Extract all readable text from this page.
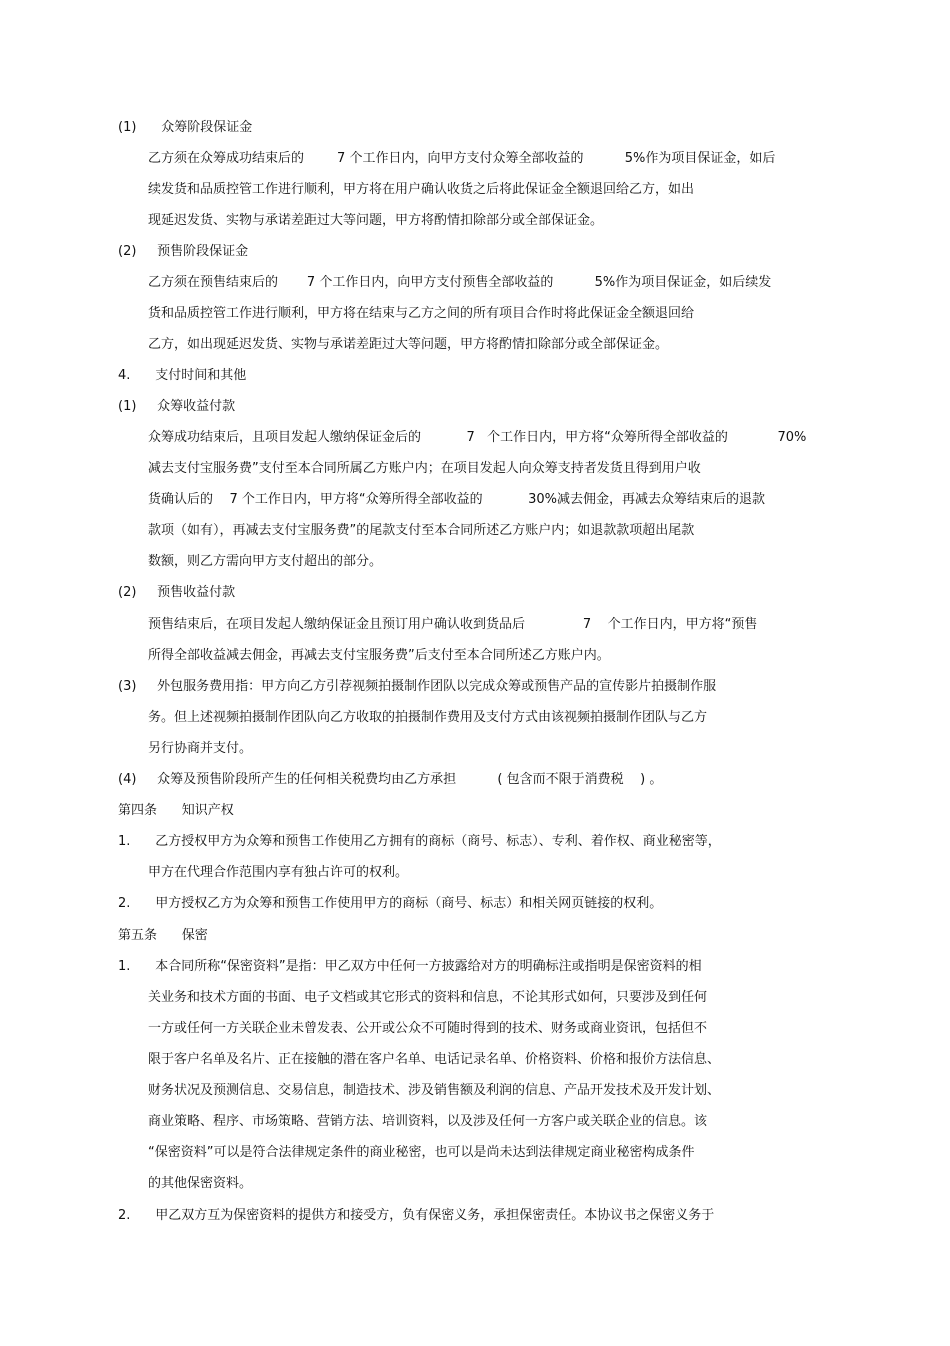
(1)      众筹阶段保证金
乙方须在众筹成功结束后的        7 个工作日内，向甲方支付众筹全部收益的          5%作为项目保证金，如后
续发货和品质控管工作进行顺利，甲方将在用户确认收货之后将此保证金全额退回给乙方，如出
现延迟发货、实物与承诺差距过大等问题，甲方将酌情扣除部分或全部保证金。
(2)     预售阶段保证金
乙方须在预售结束后的       7 个工作日内，向甲方支付预售全部收益的          5%作为项目保证金，如后续发
货和品质控管工作进行顺利，甲方将在结束与乙方之间的所有项目合作时将此保证金全额退回给
乙方，如出现延迟发货、实物与承诺差距过大等问题，甲方将酌情扣除部分或全部保证金。
4.      支付时间和其他
(1)     众筹收益付款
众筹成功结束后，且项目发起人缴纳保证金后的           7   个工作日内，甲方将“众筹所得全部收益的            70%
减去支付宝服务费”支付至本合同所属乙方账户内；在项目发起人向众筹支持者发货且得到用户收
货确认后的    7 个工作日内，甲方将“众筹所得全部收益的           30%减去佣金，再减去众筹结束后的退款
款项（如有），再减去支付宝服务费”的尾款支付至本合同所述乙方账户内；如退款款项超出尾款
数额，则乙方需向甲方支付超出的部分。
(2)     预售收益付款
预售结束后，在项目发起人缴纳保证金且预订用户确认收到货品后              7    个工作日内，甲方将“预售
所得全部收益减去佣金，再减去支付宝服务费”后支付至本合同所述乙方账户内。
(3)     外包服务费用指：甲方向乙方引荐视频拍摄制作团队以完成众筹或预售产品的宣传影片拍摄制作服
务。但上述视频拍摄制作团队向乙方收取的拍摄制作费用及支付方式由该视频拍摄制作团队与乙方
另行协商并支付。
(4)     众筹及预售阶段所产生的任何相关税费均由乙方承担          ( 包含而不限于消费税    ) 。
第四条      知识产权
1.      乙方授权甲方为众筹和预售工作使用乙方拥有的商标（商号、标志）、专利、着作权、商业秘密等，
甲方在代理合作范围内享有独占许可的权利。
2.      甲方授权乙方为众筹和预售工作使用甲方的商标（商号、标志）和相关网页链接的权利。
第五条      保密
1.      本合同所称“保密资料”是指：甲乙双方中任何一方披露给对方的明确标注或指明是保密资料的相
关业务和技术方面的书面、电子文档或其它形式的资料和信息，不论其形式如何，只要涉及到任何
一方或任何一方关联企业未曾发表、公开或公众不可随时得到的技术、财务或商业资讯，包括但不
限于客户名单及名片、正在接触的潜在客户名单、电话记录名单、价格资料、价格和报价方法信息、
财务状况及预测信息、交易信息，制造技术、涉及销售额及利润的信息、产品开发技术及开发计划、
商业策略、程序、市场策略、营销方法、培训资料，以及涉及任何一方客户或关联企业的信息。该
“保密资料”可以是符合法律规定条件的商业秘密，也可以是尚未达到法律规定商业秘密构成条件
的其他保密资料。
2.      甲乙双方互为保密资料的提供方和接受方，负有保密义务，承担保密责任。本协议书之保密义务于
